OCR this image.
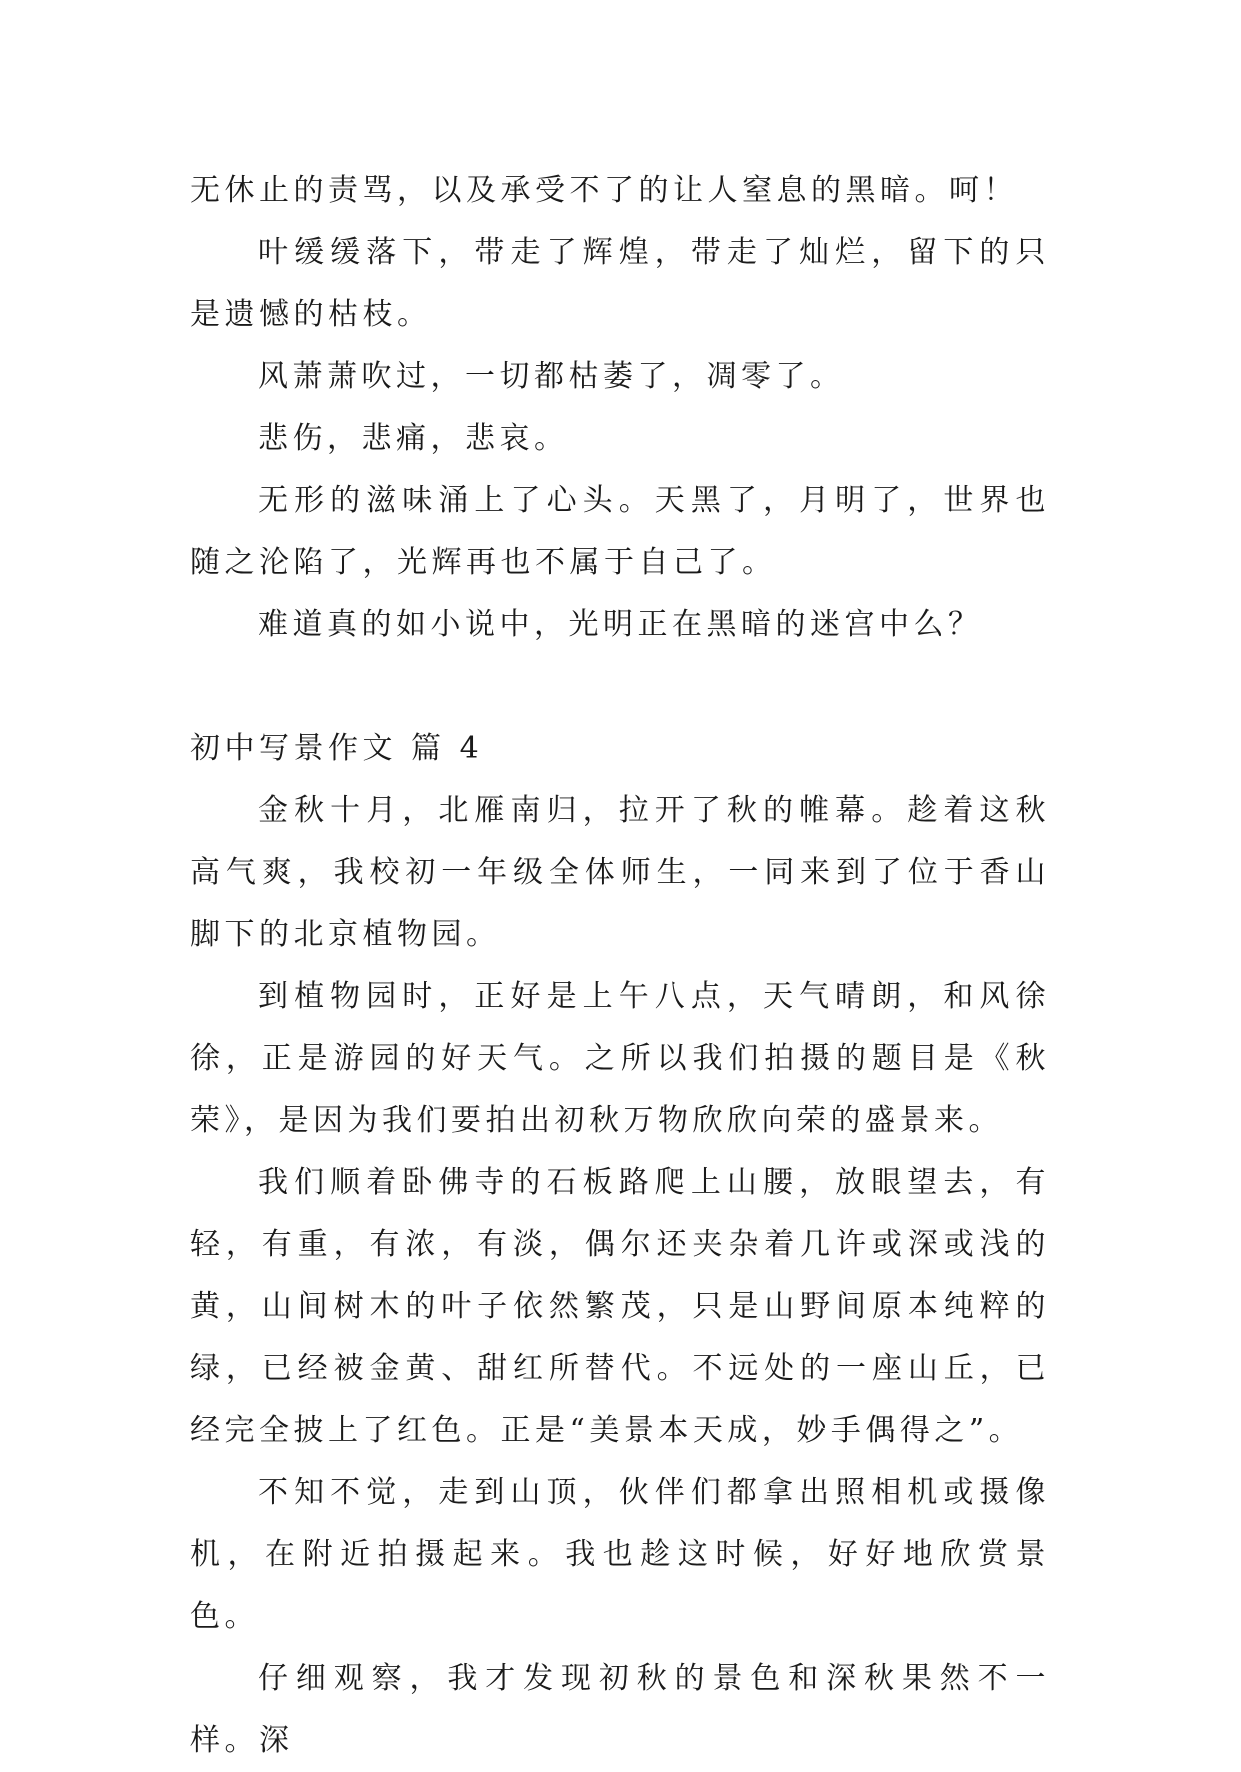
无休止的责骂，以及承受不了的让人窒息的黑暗。呵！

叶缓缓落下，带走了辉煌，带走了灿烂，留下的只是遗憾的枯枝。

风萧萧吹过，一切都枯萎了，凋零了。

悲伤，悲痛，悲哀。

无形的滋味涌上了心头。天黑了，月明了，世界也随之沦陷了，光辉再也不属于自己了。

难道真的如小说中，光明正在黑暗的迷宫中么？

初中写景作文 篇 4

金秋十月，北雁南归，拉开了秋的帷幕。趁着这秋高气爽，我校初一年级全体师生，一同来到了位于香山脚下的北京植物园。

到植物园时，正好是上午八点，天气晴朗，和风徐徐，正是游园的好天气。之所以我们拍摄的题目是《秋荣》，是因为我们要拍出初秋万物欣欣向荣的盛景来。

我们顺着卧佛寺的石板路爬上山腰，放眼望去，有轻，有重，有浓，有淡，偶尔还夹杂着几许或深或浅的黄，山间树木的叶子依然繁茂，只是山野间原本纯粹的绿，已经被金黄、甜红所替代。不远处的一座山丘，已经完全披上了红色。正是“美景本天成，妙手偶得之”。

不知不觉，走到山顶，伙伴们都拿出照相机或摄像机，在附近拍摄起来。我也趁这时候，好好地欣赏景色。

仔细观察，我才发现初秋的景色和深秋果然不一样。深
